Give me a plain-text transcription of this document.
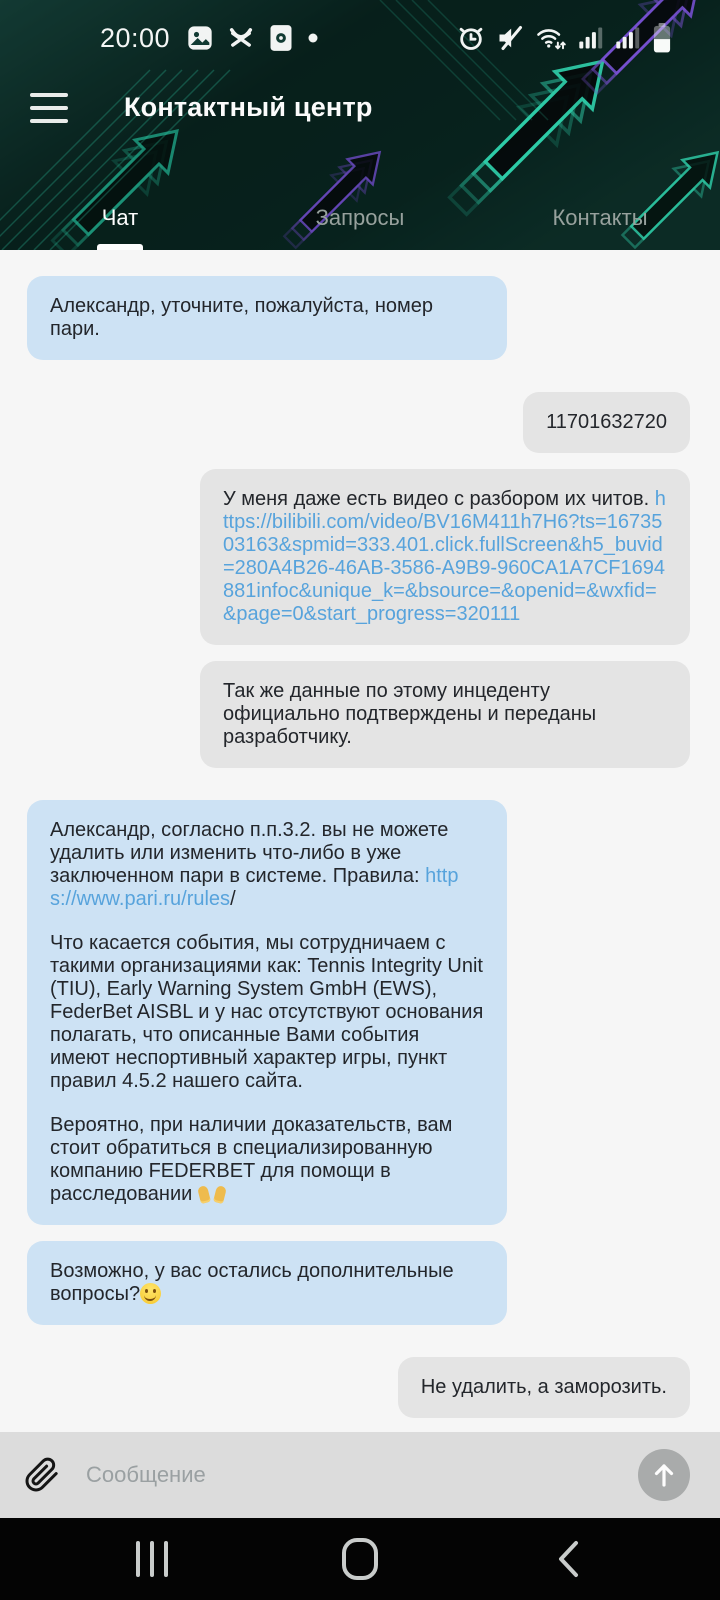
20:00
Контактный центр
Чат	Запросы	Контакты

Александр, уточните, пожалуйста, номер пари.

11701632720

У меня даже есть видео с разбором их читов. https://bilibili.com/video/BV16M411h7H6?ts=1673503163&spmid=333.401.click.fullScreen&h5_buvid=280A4B26-46AB-3586-A9B9-960CA1A7CF1694881infoc&unique_k=&bsource=&openid=&wxfid=&page=0&start_progress=320111

Так же данные по этому инцеденту официально подтверждены и переданы разработчику.

Александр, согласно п.п.3.2. вы не можете удалить или изменить что-либо в уже заключенном пари в системе. Правила: https://www.pari.ru/rules/

Что касается события, мы сотрудничаем с такими организациями как: Tennis Integrity Unit (TIU), Early Warning System GmbH (EWS), FederBet AISBL и у нас отсутствуют основания полагать, что описанные Вами события имеют неспортивный характер игры, пункт правил 4.5.2 нашего сайта.

Вероятно, при наличии доказательств, вам стоит обратиться в специализированную компанию FEDERBET для помощи в расследовании

Возможно, у вас остались дополнительные вопросы?

Не удалить, а заморозить.

Сообщение
